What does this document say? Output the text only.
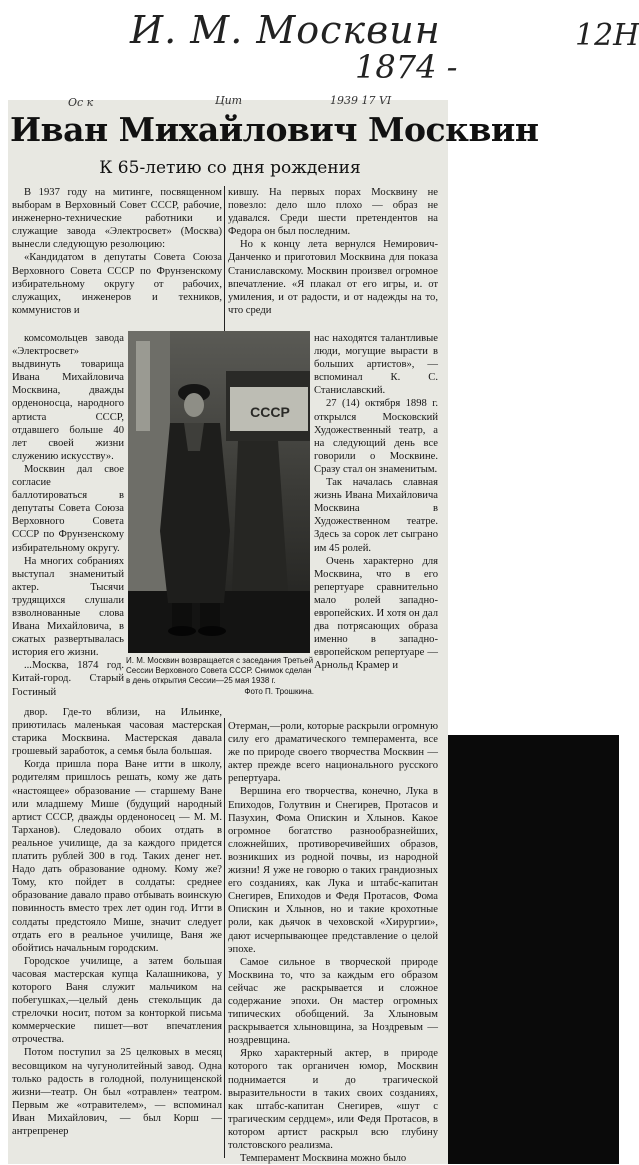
И. М. Москвин
1874 -
12Н
Ос к	Цит	1939 17 VI
Иван Михайлович Москвин
К 65-летию со дня рождения

В 1937 году на митинге, посвященном выборам в Верховный Совет СССР, рабочие, инженерно-технические работники и служащие завода «Электросвет» (Москва) вынесли следующую резолюцию:

«Кандидатом в депутаты Совета Союза Верховного Совета СССР по Фрунзенскому избирательному округу от рабочих, служащих, инженеров и техников, коммунистов и

комсомольцев завода «Электросвет» выдвинуть товарища Ивана Михайловича Москвина, дважды орденоносца, народного артиста СССР, отдавшего больше 40 лет своей жизни служению искусству».

Москвин дал свое согласие баллотироваться в депутаты Совета Союза Верховного Совета СССР по Фрунзенскому избирательному округу.

На многих собраниях выступал знаменитый актер. Тысячи трудящихся слушали взволнованные слова Ивана Михайловича, в сжатых развертывалась история его жизни.

...Москва, 1874 год. Китай-город. Старый Гостиный

двор. Где-то вблизи, на Ильинке, приютилась маленькая часовая мастерская старика Москвина. Мастерская давала грошевый заработок, а семья была большая.

Когда пришла пора Ване итти в школу, родителям пришлось решать, кому же дать «настоящее» образование — старшему Ване или младшему Мише (будущий народный артист СССР, дважды орденоносец — М. М. Тарханов). Следовало обоих отдать в реальное училище, да за каждого придется платить рублей 300 в год. Таких денег нет. Надо дать образование одному. Кому же? Тому, кто пойдет в солдаты: среднее образование давало право отбывать воинскую повинность вместо трех лет один год. Итти в солдаты предстояло Мише, значит следует отдать его в реальное училище, Ваня же обойтись начальным городским.

Городское училище, а затем большая часовая мастерская купца Калашникова, у которого Ваня служит мальчиком на побегушках,—целый день стекольщик да стрелочки носит, потом за конторкой письма коммерческие пишет—вот впечатления отрочества.

Потом поступил за 25 целковых в месяц весовщиком на чугунолитейный завод. Одна только радость в голодной, полунищенской жизни—театр. Он был «отравлен» театром. Первым же «отравителем», — вспоминал Иван Михайлович, — был Корш — антрепренер

кившу. На первых порах Москвину не повезло: дело шло плохо — образ не удавался. Среди шести претендентов на Федора он был последним.

Но к концу лета вернулся Немирович-Данченко и приготовил Москвина для показа Станиславскому. Москвин произвел огромное впечатление. «Я плакал от его игры, и. от умиления, и от радости, и от надежды на то, что среди

нас находятся талантливые люди, могущие вырасти в больших артистов», — вспоминал К. С. Станиславский.

27 (14) октября 1898 г. открылся Московский Художественный театр, а на следующий день все говорили о Москвине. Сразу стал он знаменитым.

Так началась славная жизнь Ивана Михайловича Москвина в Художественном театре. Здесь за сорок лет сыграно им 45 ролей.

Очень характерно для Москвина, что в его репертуаре сравнительно мало ролей западно-европейских. И хотя он дал два потрясающих образа именно в западно-европейском репертуаре — Арнольд Крамер и

Отерман,—роли, которые раскрыли огромную силу его драматического темперамента, все же по природе своего творчества Москвин — актер прежде всего национального русского репертуара.

Вершина его творчества, конечно, Лука в Епиходов, Голутвин и Снегирев, Протасов и Пазухин, Фома Опискин и Хлынов. Какое огромное богатство разнообразнейших, сложнейших, противоречивейших образов, возникших из родной почвы, из народной жизни! Я уже не говорю о таких грандиозных его созданиях, как Лука и штабс-капитан Снегирев, Епиходов и Федя Протасов, Фома Опискин и Хлынов, но и такие крохотные роли, как дьячок в чеховской «Хирургии», дают исчерпывающее представление о целой эпохе.

Самое сильное в творческой природе Москвина то, что за каждым его образом сейчас же раскрывается и сложное содержание эпохи. Он мастер огромных типических обобщений. За Хлыновым раскрывается хлыновщина, за Ноздревым — ноздревщина.

Ярко характерный актер, в природе которого так органичен юмор, Москвин поднимается и до трагической выразительности в таких своих созданиях, как штабс-капитан Снегирев, «шут с трагическим сердцем», или Федя Протасов, в котором артист раскрыл всю глубину толстовского реализма.

Темперамент Москвина можно было

СССР
И. М. Москвин возвращается с заседания Третьей Сессии Верховного Совета СССР. Снимок сделан в день открытия Сессии—25 мая 1938 г.
Фото П. Трошкина.
